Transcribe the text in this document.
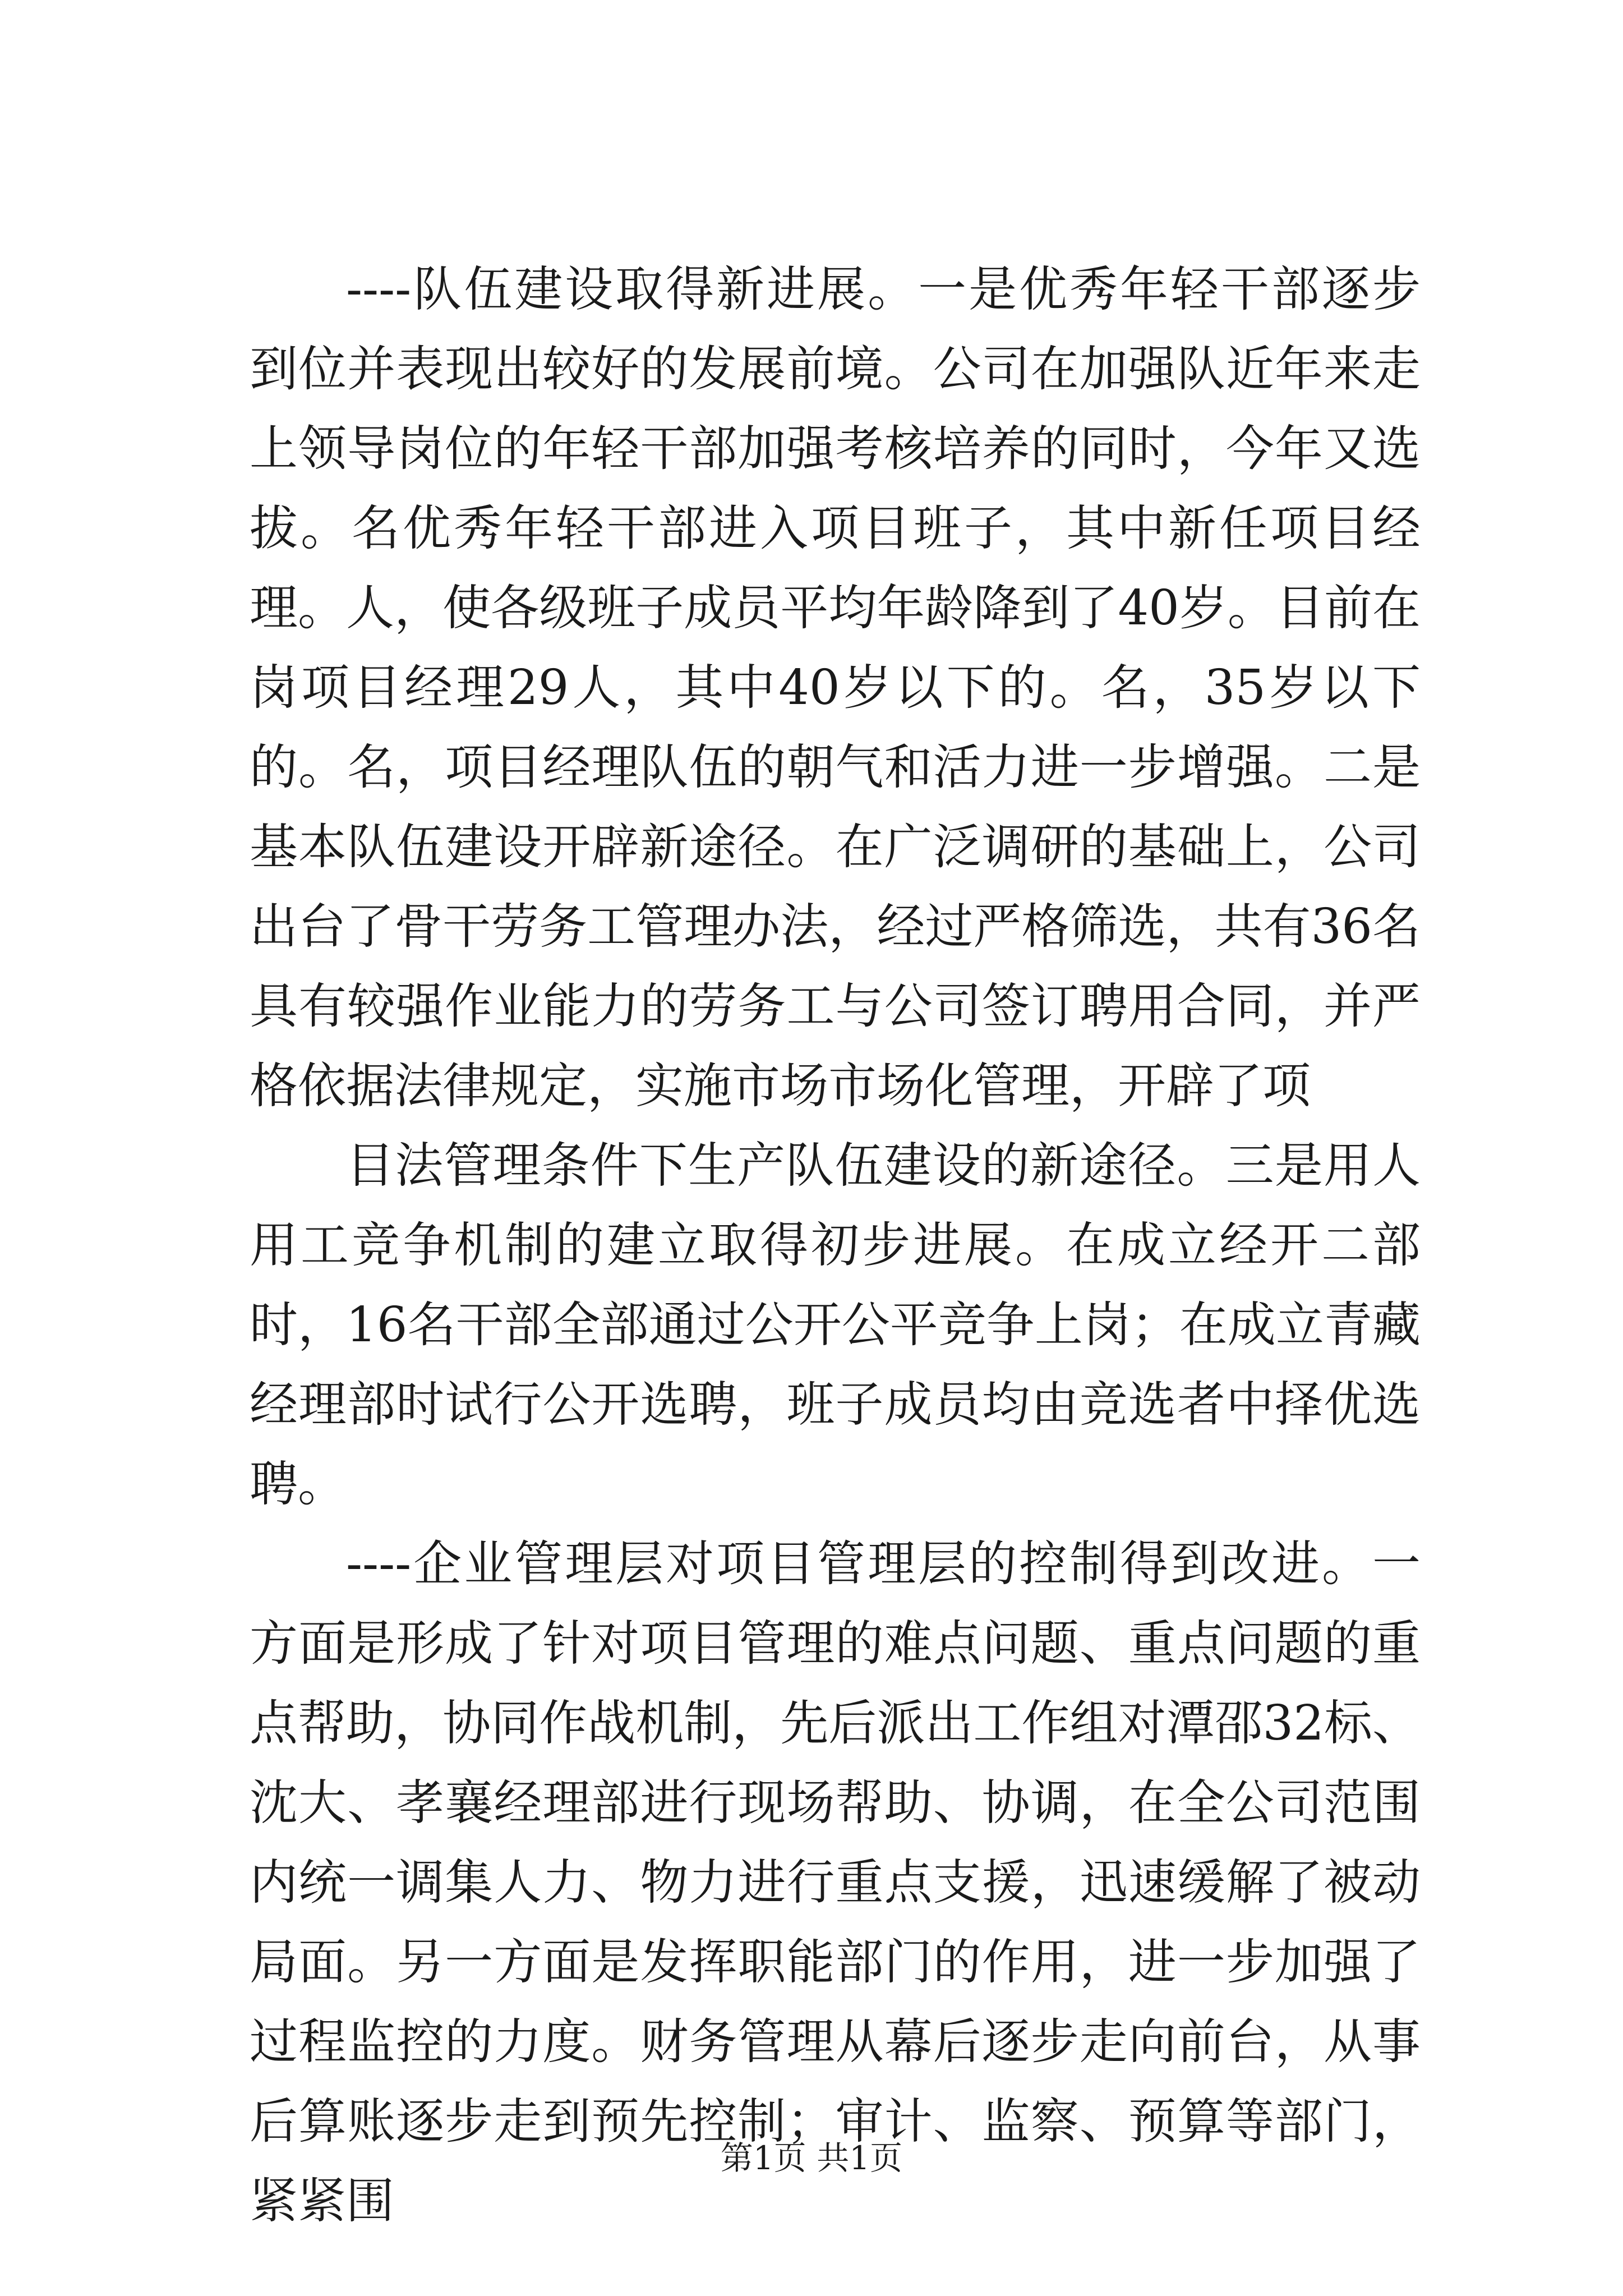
----队伍建设取得新进展。一是优秀年轻干部逐步到位并表现出较好的发展前境。公司在加强队近年来走上领导岗位的年轻干部加强考核培养的同时，今年又选拔。名优秀年轻干部进入项目班子，其中新任项目经理。人，使各级班子成员平均年龄降到了40岁。目前在岗项目经理29人，其中40岁以下的。名，35岁以下的。名，项目经理队伍的朝气和活力进一步增强。二是基本队伍建设开辟新途径。在广泛调研的基础上，公司出台了骨干劳务工管理办法，经过严格筛选，共有36名具有较强作业能力的劳务工与公司签订聘用合同，并严格依据法律规定，实施市场市场化管理，开辟了项

目法管理条件下生产队伍建设的新途径。三是用人用工竞争机制的建立取得初步进展。在成立经开二部时，16名干部全部通过公开公平竞争上岗；在成立青藏经理部时试行公开选聘，班子成员均由竞选者中择优选聘。

----企业管理层对项目管理层的控制得到改进。一方面是形成了针对项目管理的难点问题、重点问题的重点帮助，协同作战机制，先后派出工作组对潭邵32标、沈大、孝襄经理部进行现场帮助、协调，在全公司范围内统一调集人力、物力进行重点支援，迅速缓解了被动局面。另一方面是发挥职能部门的作用，进一步加强了过程监控的力度。财务管理从幕后逐步走向前台，从事后算账逐步走到预先控制；审计、监察、预算等部门，紧紧围

第1页 共1页
